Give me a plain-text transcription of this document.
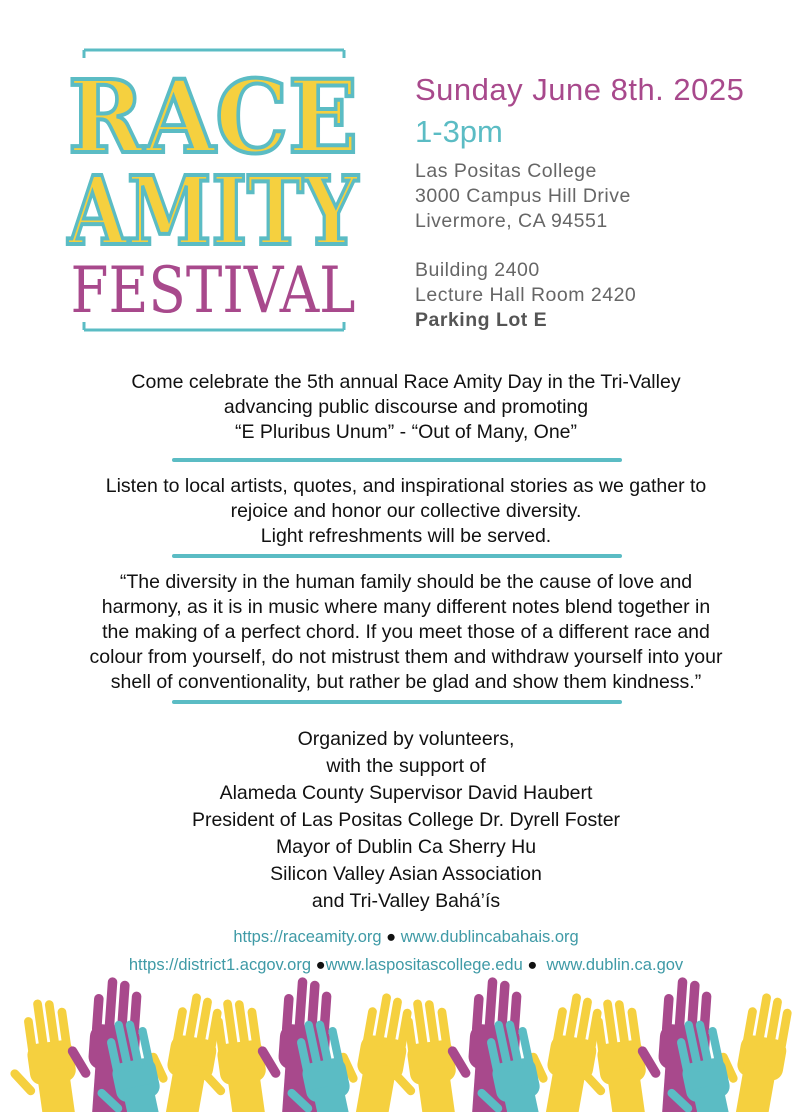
RACE
AMITY
FESTIVAL
Sunday June 8th. 2025
1-3pm
Las Positas College
3000 Campus Hill Drive
Livermore, CA 94551
Building 2400
Lecture Hall Room 2420
Parking Lot E
Come celebrate the 5th annual Race Amity Day in the Tri-Valley
advancing public discourse and promoting
“E Pluribus Unum” - “Out of Many, One”
Listen to local artists, quotes, and inspirational stories as we gather to
rejoice and honor our collective diversity.
Light refreshments will be served.
“The diversity in the human family should be the cause of love and
harmony, as it is in music where many different notes blend together in
the making of a perfect chord. If you meet those of a different race and
colour from yourself, do not mistrust them and withdraw yourself into your
shell of conventionality, but rather be glad and show them kindness.”
Organized by volunteers,
with the support of
Alameda County Supervisor David Haubert
President of Las Positas College Dr. Dyrell Foster
Mayor of Dublin Ca Sherry Hu
Silicon Valley Asian Association
and Tri-Valley Bahá’ís
https://raceamity.org ● www.dublincabahais.org
https://district1.acgov.org ●www.laspositascollege.edu ● www.dublin.ca.gov
